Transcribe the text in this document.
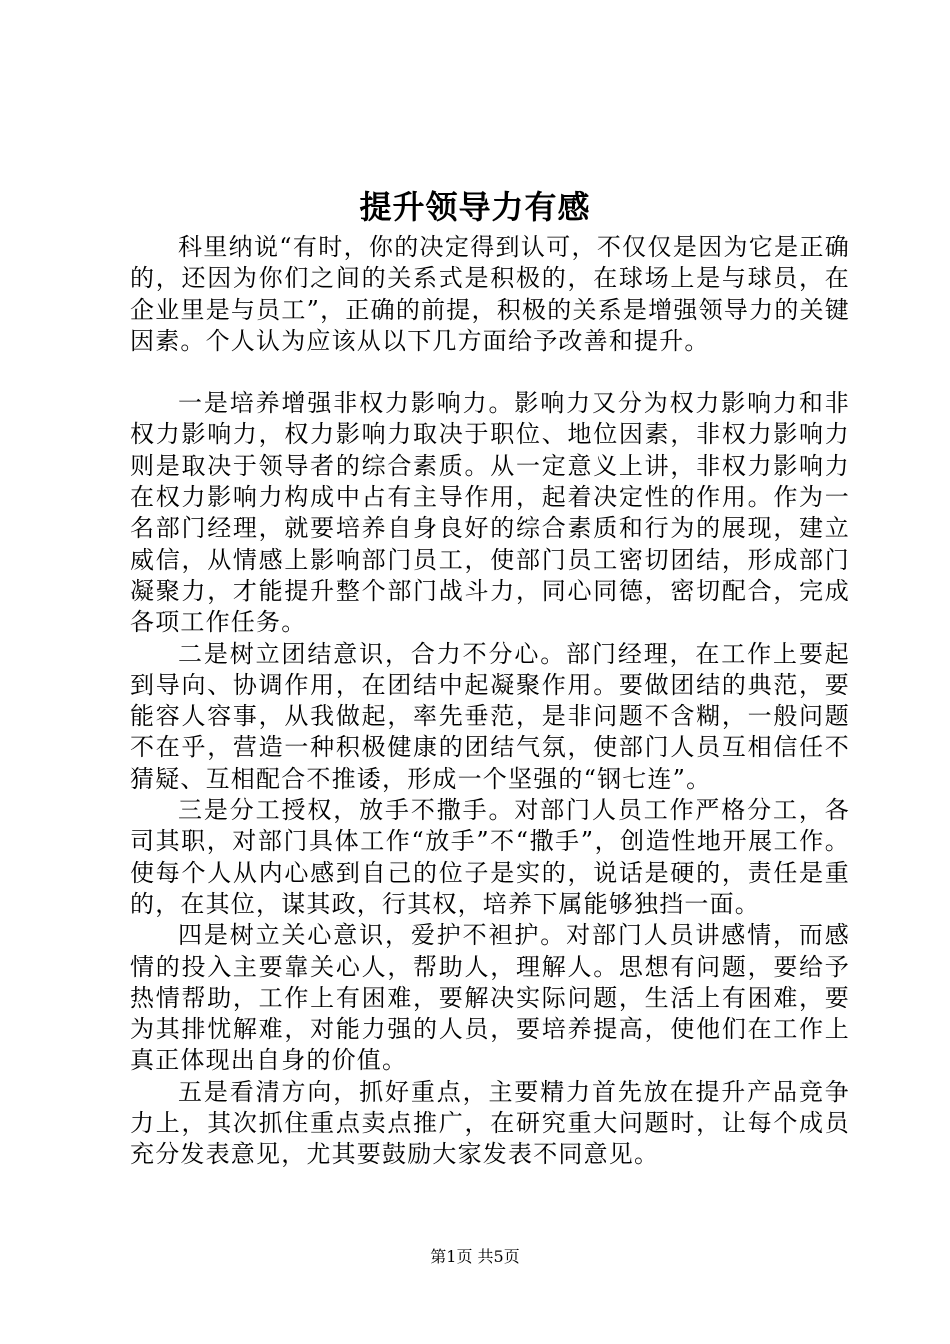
提升领导力有感

科里纳说“有时，你的决定得到认可，不仅仅是因为它是正确的，还因为你们之间的关系式是积极的，在球场上是与球员，在企业里是与员工”，正确的前提，积极的关系是增强领导力的关键因素。个人认为应该从以下几方面给予改善和提升。

一是培养增强非权力影响力。影响力又分为权力影响力和非权力影响力，权力影响力取决于职位、地位因素，非权力影响力则是取决于领导者的综合素质。从一定意义上讲，非权力影响力在权力影响力构成中占有主导作用，起着决定性的作用。作为一名部门经理，就要培养自身良好的综合素质和行为的展现，建立威信，从情感上影响部门员工，使部门员工密切团结，形成部门凝聚力，才能提升整个部门战斗力，同心同德，密切配合，完成各项工作任务。

二是树立团结意识，合力不分心。部门经理，在工作上要起到导向、协调作用，在团结中起凝聚作用。要做团结的典范，要能容人容事，从我做起，率先垂范，是非问题不含糊，一般问题不在乎，营造一种积极健康的团结气氛，使部门人员互相信任不猜疑、互相配合不推诿，形成一个坚强的“钢七连”。

三是分工授权，放手不撒手。对部门人员工作严格分工，各司其职，对部门具体工作“放手”不“撒手”，创造性地开展工作。使每个人从内心感到自己的位子是实的，说话是硬的，责任是重的，在其位，谋其政，行其权，培养下属能够独挡一面。

四是树立关心意识，爱护不袒护。对部门人员讲感情，而感情的投入主要靠关心人，帮助人，理解人。思想有问题，要给予热情帮助，工作上有困难，要解决实际问题，生活上有困难，要为其排忧解难，对能力强的人员，要培养提高，使他们在工作上真正体现出自身的价值。

五是看清方向，抓好重点，主要精力首先放在提升产品竞争力上，其次抓住重点卖点推广，在研究重大问题时，让每个成员充分发表意见，尤其要鼓励大家发表不同意见。

第1页 共5页
